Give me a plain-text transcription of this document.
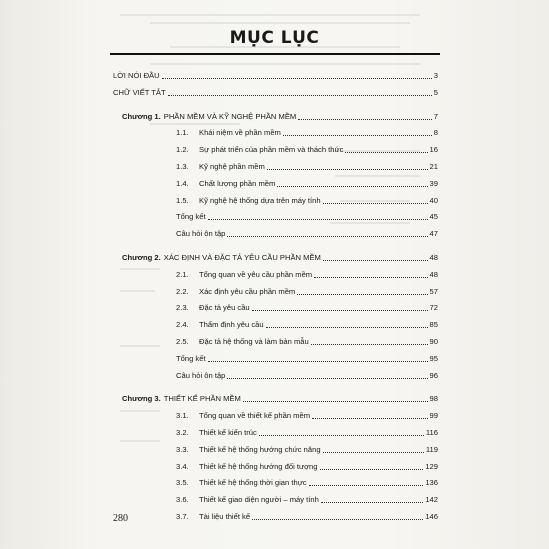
MỤC LỤC
LỜI NÓI ĐẦU	3
CHỮ VIẾT TẮT	5
Chương 1. PHẦN MỀM VÀ KỸ NGHỆ PHẦN MỀM	7
1.1.	Khái niệm về phần mềm	8
1.2.	Sự phát triển của phần mềm và thách thức	16
1.3.	Kỹ nghệ phần mềm	21
1.4.	Chất lượng phần mềm	39
1.5.	Kỹ nghệ hệ thống dựa trên máy tính	40
Tổng kết	45
Câu hỏi ôn tập	47
Chương 2. XÁC ĐỊNH VÀ ĐẶC TẢ YÊU CẦU PHẦN MỀM	48
2.1.	Tổng quan về yêu cầu phần mềm	48
2.2.	Xác định yêu cầu phần mềm	57
2.3.	Đặc tả yêu cầu	72
2.4.	Thẩm định yêu cầu	85
2.5.	Đặc tả hệ thống và làm bản mẫu	90
Tổng kết	95
Câu hỏi ôn tập	96
Chương 3. THIẾT KẾ PHẦN MỀM	98
3.1.	Tổng quan về thiết kế phần mềm	99
3.2.	Thiết kế kiến trúc	116
3.3.	Thiết kế hệ thống hướng chức năng	119
3.4.	Thiết kế hệ thống hướng đối tượng	129
3.5.	Thiết kế hệ thống thời gian thực	136
3.6.	Thiết kế giao diện người – máy tính	142
3.7.	Tài liệu thiết kế	146
280
